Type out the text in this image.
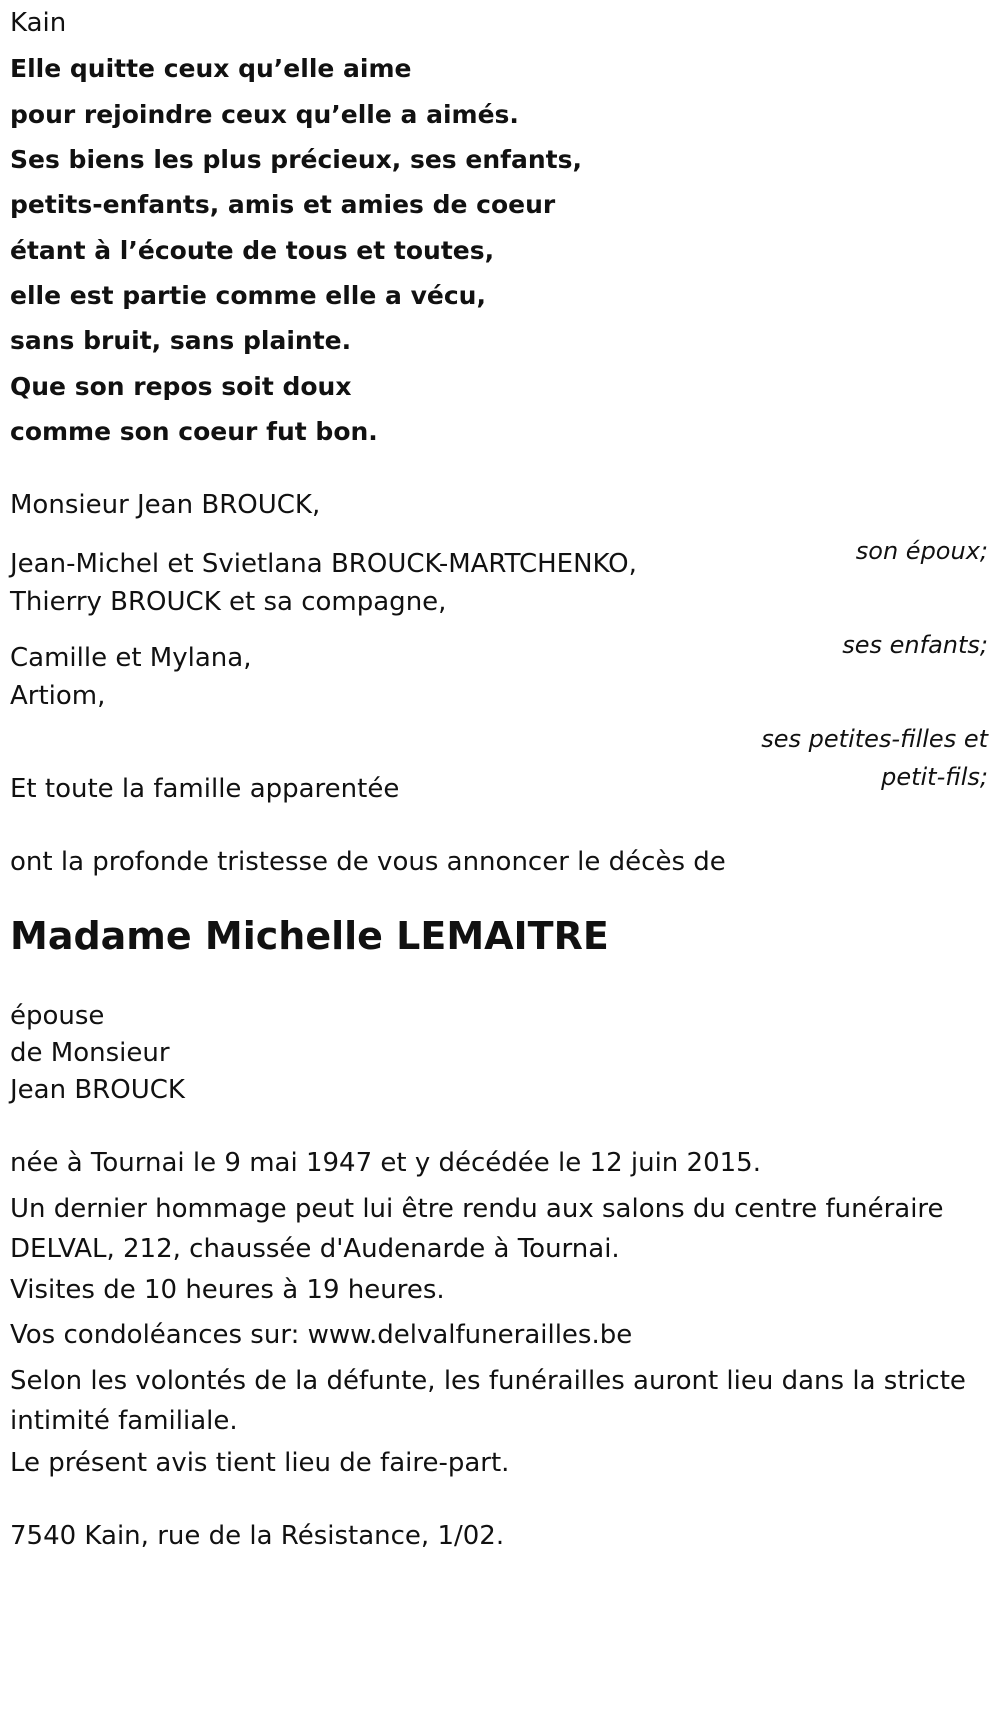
Kain

Elle quitte ceux qu’elle aime

pour rejoindre ceux qu’elle a aimés.

Ses biens les plus précieux, ses enfants,

petits-enfants, amis et amies de coeur

étant à l’écoute de tous et toutes,

elle est partie comme elle a vécu,

sans bruit, sans plainte.

Que son repos soit doux

comme son coeur fut bon.

Monsieur Jean BROUCK,

son époux;

Jean-Michel et Svietlana BROUCK-MARTCHENKO,

Thierry BROUCK et sa compagne,

ses enfants;

Camille et Mylana,

Artiom,

ses petites-filles et

petit-fils;

Et toute la famille apparentée

ont la profonde tristesse de vous annoncer le décès de

Madame Michelle LEMAITRE

épouse

de Monsieur

Jean BROUCK

née à Tournai le 9 mai 1947 et y décédée le 12 juin 2015.

Un dernier hommage peut lui être rendu aux salons du centre funéraire DELVAL, 212, chaussée d'Audenarde à Tournai.

Visites de 10 heures à 19 heures.

Vos condoléances sur: www.delvalfunerailles.be

Selon les volontés de la défunte, les funérailles auront lieu dans la stricte intimité familiale.

Le présent avis tient lieu de faire-part.

7540 Kain, rue de la Résistance, 1/02.
